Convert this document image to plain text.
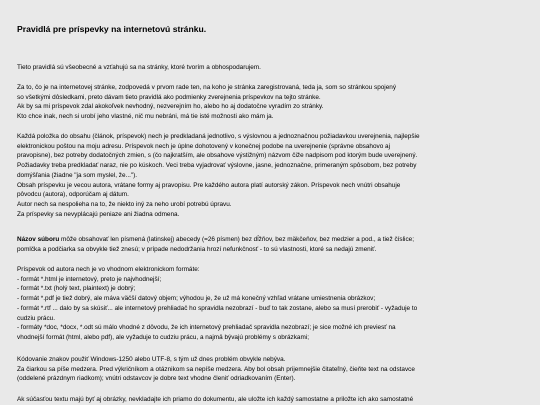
Pravidlá pre príspevky na internetovú stránku.
Tieto pravidlá sú všeobecné a vzťahujú sa na stránky, ktoré tvorím a obhospodarujem.
Za to, čo je na internetovej stránke, zodpovedá v prvom rade ten, na koho je stránka zaregistrovaná, teda ja, som so stránkou spojený
so všetkými dôsledkami, preto dávam tieto pravidlá ako podmienky zverejnenia príspevkov na tejto stránke.
Ak by sa mi príspevok zdal akokoľvek nevhodný, nezverejním ho, alebo ho aj dodatočne vyradím zo stránky.
Kto chce inak, nech si urobí jeho vlastné, nič mu nebráni, má tie isté možnosti ako mám ja.
Každá položka do obsahu (článok, príspevok) nech je predkladaná jednotlivo, s výslovnou a jednoznačnou požiadavkou uverejnenia, najlepšie
elektronickou poštou na moju adresu. Príspevok nech je úplne dohotovený v konečnej podobe na uverejnenie (správne obsahovo aj
pravopisne), bez potreby dodatočných zmien, s (čo najkratším, ale obsahove výstižným) názvom čiže nadpisom pod ktorým bude uverejnený.
Požiadavky treba predkladať naraz, nie po kúskoch. Veci treba vyjadrovať výslovne, jasne, jednoznačne, primeraným spôsobom, bez potreby
domýšľania (žiadne "ja som myslel, že...").
Obsah príspevku je vecou autora, vrátane formy aj pravopisu. Pre každého autora platí autorský zákon. Príspevok nech vnútri obsahuje
pôvodcu (autora), odporúčam aj dátum.
Autor nech sa nespolieha na to, že niekto iný za neho urobí potrebú úpravu.
Za príspevky sa nevyplácajú peniaze ani žiadna odmena.
Názov súboru môže obsahovať len písmená (latinskej) abecedy (=26 písmen) bez dĺžňov, bez mäkčeňov, bez medzier a pod., a tiež číslice;
pomlčka a podčiarka sa obvykle tiež znesú; v prípade nedodržania hrozí nefunkčnosť - to sú vlastnosti, ktoré sa nedajú zmeniť.
Príspevok od autora nech je vo vhodnom elektronickom formáte:
- formát *.html je internetový, preto je najvhodnejší;
- formát *.txt (holý text, plaintext) je dobrý;
- formát *.pdf je tiež dobrý, ale máva väčší datový objem; výhodou je, že už má konečný vzhľad vrátane umiestnenia obrázkov;
- formát *.rtf ... dalo by sa skúsiť... ale internetový prehliadač ho spravidla nezobrazí - buď to tak zostane, alebo sa musí prerobiť - vyžaduje to
cudziu prácu.
- formáty *doc, *docx, *.odt sú málo vhodné z dôvodu, že ich internetový prehliadač spravidla nezobrazí; je sice možné ich previesť na
vhodnejší formát (html, alebo pdf), ale vyžaduje to cudziu prácu, a najmä bývajú problémy s obrázkami;
Kódovanie znakov použiť Windows-1250 alebo UTF-8, s tým už dnes problém obvykle nebýva.
Za čiarkou sa píše medzera. Pred výkričníkom a otáznikom sa nepíše medzera. Aby bol obsah prijemnejšie čitateľný, čieňte text na odstavce
(oddelené prázdnym riadkom); vnútri odstavcov je dobre text vhodne členiť odriadkovaním (Enter).
Ak súčasťou textu majú byť aj obrázky, nevkladajte ich priamo do dokumentu, ale uložte ich každý samostatne a priložte ich ako samostatné
